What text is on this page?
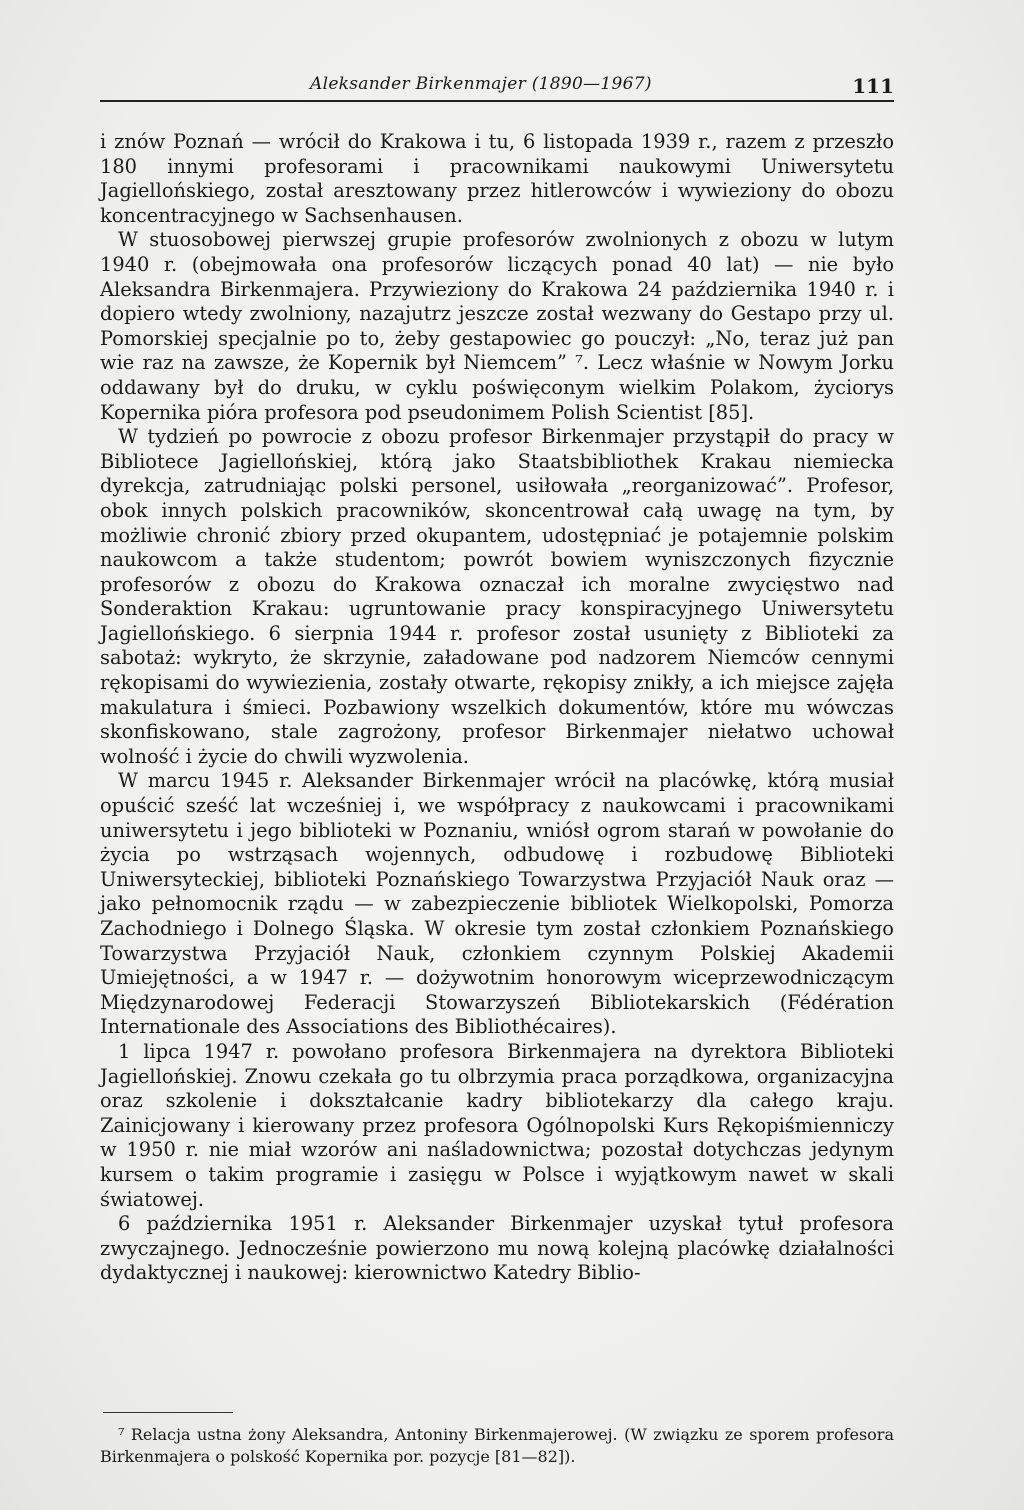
Aleksander Birkenmajer (1890—1967)	111

i znów Poznań — wrócił do Krakowa i tu, 6 listopada 1939 r., razem z przeszło 180 innymi profesorami i pracownikami naukowymi Uniwersytetu Jagiellońskiego, został aresztowany przez hitlerowców i wywieziony do obozu koncentracyjnego w Sachsenhausen.

W stuosobowej pierwszej grupie profesorów zwolnionych z obozu w lutym 1940 r. (obejmowała ona profesorów liczących ponad 40 lat) — nie było Aleksandra Birkenmajera. Przywieziony do Krakowa 24 października 1940 r. i dopiero wtedy zwolniony, nazajutrz jeszcze został wezwany do Gestapo przy ul. Pomorskiej specjalnie po to, żeby gestapowiec go pouczył: „No, teraz już pan wie raz na zawsze, że Kopernik był Niemcem” ⁷. Lecz właśnie w Nowym Jorku oddawany był do druku, w cyklu poświęconym wielkim Polakom, życiorys Kopernika pióra profesora pod pseudonimem Polish Scientist [85].

W tydzień po powrocie z obozu profesor Birkenmajer przystąpił do pracy w Bibliotece Jagiellońskiej, którą jako Staatsbibliothek Krakau niemiecka dyrekcja, zatrudniając polski personel, usiłowała „reorganizować”. Profesor, obok innych polskich pracowników, skoncentrował całą uwagę na tym, by możliwie chronić zbiory przed okupantem, udostępniać je potajemnie polskim naukowcom a także studentom; powrót bowiem wyniszczonych fizycznie profesorów z obozu do Krakowa oznaczał ich moralne zwycięstwo nad Sonderaktion Krakau: ugruntowanie pracy konspiracyjnego Uniwersytetu Jagiellońskiego. 6 sierpnia 1944 r. profesor został usunięty z Biblioteki za sabotaż: wykryto, że skrzynie, załadowane pod nadzorem Niemców cennymi rękopisami do wywiezienia, zostały otwarte, rękopisy znikły, a ich miejsce zajęła makulatura i śmieci. Pozbawiony wszelkich dokumentów, które mu wówczas skonfiskowano, stale zagrożony, profesor Birkenmajer niełatwo uchował wolność i życie do chwili wyzwolenia.

W marcu 1945 r. Aleksander Birkenmajer wrócił na placówkę, którą musiał opuścić sześć lat wcześniej i, we współpracy z naukowcami i pracownikami uniwersytetu i jego biblioteki w Poznaniu, wniósł ogrom starań w powołanie do życia po wstrząsach wojennych, odbudowę i rozbudowę Biblioteki Uniwersyteckiej, biblioteki Poznańskiego Towarzystwa Przyjaciół Nauk oraz — jako pełnomocnik rządu — w zabezpieczenie bibliotek Wielkopolski, Pomorza Zachodniego i Dolnego Śląska. W okresie tym został członkiem Poznańskiego Towarzystwa Przyjaciół Nauk, członkiem czynnym Polskiej Akademii Umiejętności, a w 1947 r. — dożywotnim honorowym wiceprzewodniczącym Międzynarodowej Federacji Stowarzyszeń Bibliotekarskich (Fédération Internationale des Associations des Bibliothécaires).

1 lipca 1947 r. powołano profesora Birkenmajera na dyrektora Biblioteki Jagiellońskiej. Znowu czekała go tu olbrzymia praca porządkowa, organizacyjna oraz szkolenie i dokształcanie kadry bibliotekarzy dla całego kraju. Zainicjowany i kierowany przez profesora Ogólnopolski Kurs Rękopiśmienniczy w 1950 r. nie miał wzorów ani naśladownictwa; pozostał dotychczas jedynym kursem o takim programie i zasięgu w Polsce i wyjątkowym nawet w skali światowej.

6 października 1951 r. Aleksander Birkenmajer uzyskał tytuł profesora zwyczajnego. Jednocześnie powierzono mu nową kolejną placówkę działalności dydaktycznej i naukowej: kierownictwo Katedry Biblio-

⁷ Relacja ustna żony Aleksandra, Antoniny Birkenmajerowej. (W związku ze sporem profesora Birkenmajera o polskość Kopernika por. pozycje [81—82]).
